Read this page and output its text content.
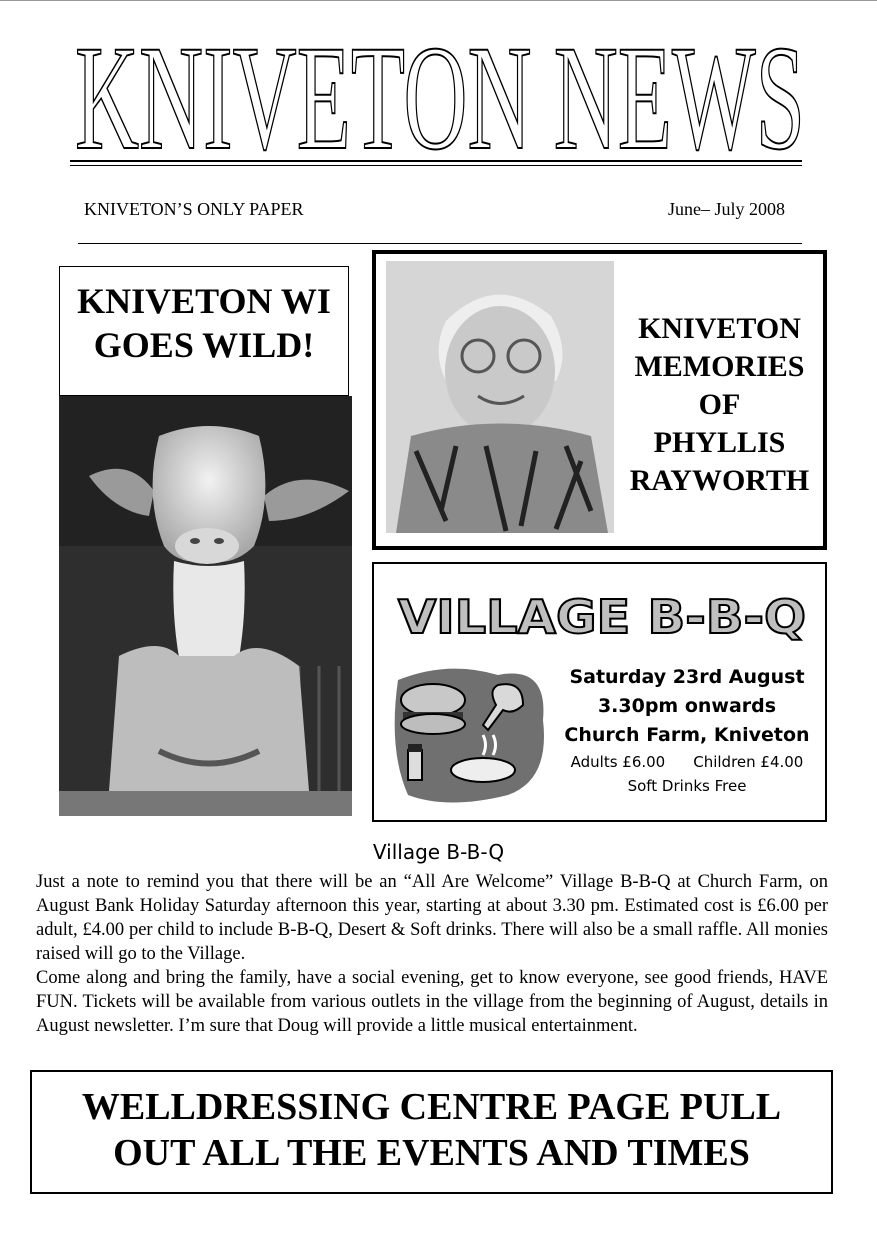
KNIVETON NEWS
KNIVETON’S ONLY PAPER	June– July 2008
KNIVETON WI
GOES WILD!	KNIVETON
MEMORIES
OF
PHYLLIS
RAYWORTH
VILLAGE B-B-Q
Saturday 23rd August
3.30pm onwards
Church Farm, Kniveton
Adults £6.00 Children £4.00
Soft Drinks Free
Village B-B-Q

Just a note to remind you that there will be an “All Are Welcome” Village B-B-Q at Church Farm, on August Bank Holiday Saturday afternoon this year, starting at about 3.30 pm. Estimated cost is £6.00 per adult, £4.00 per child to include B-B-Q, Desert & Soft drinks. There will also be a small raffle. All monies raised will go to the Village.

Come along and bring the family, have a social evening, get to know everyone, see good friends, HAVE FUN. Tickets will be available from various outlets in the village from the beginning of August, details in August newsletter. I’m sure that Doug will provide a little musical entertainment.

WELLDRESSING CENTRE PAGE PULL
OUT ALL THE EVENTS AND TIMES
